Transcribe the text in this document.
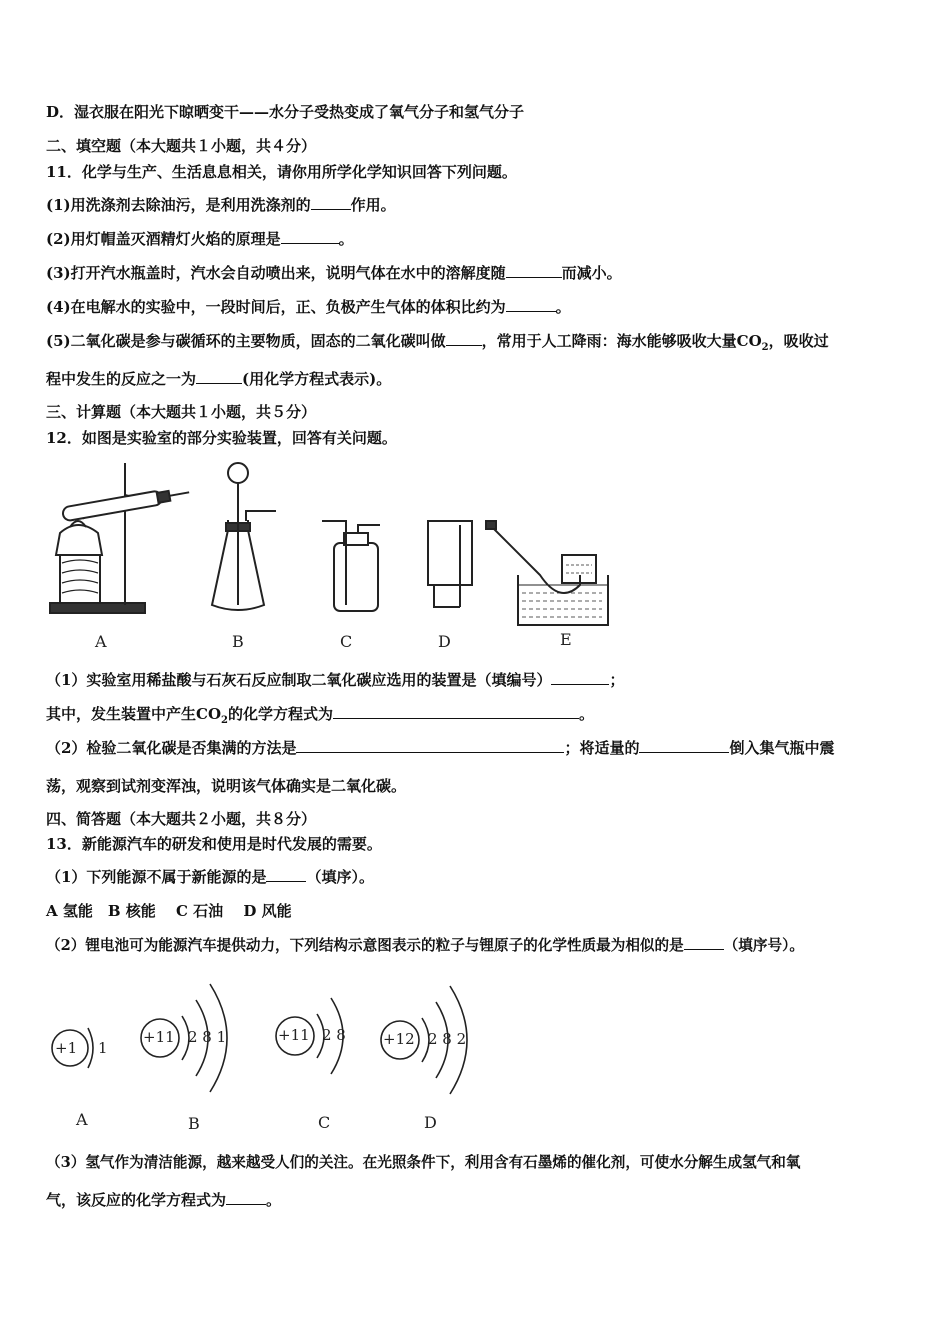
D．湿衣服在阳光下晾晒变干——水分子受热变成了氧气分子和氢气分子
二、填空题（本大题共１小题，共４分）
11．化学与生产、生活息息相关，请你用所学化学知识回答下列问题。
(1)用洗涤剂去除油污，是利用洗涤剂的	作用。
(2)用灯帽盖灭酒精灯火焰的原理是	。
(3)打开汽水瓶盖时，汽水会自动喷出来，说明气体在水中的溶解度随	而减小。
(4)在电解水的实验中，一段时间后，正、负极产生气体的体积比约为	。
(5)二氧化碳是参与碳循环的主要物质，固态的二氧化碳叫做 ，常用于人工降雨：海水能够吸收大量$CO_2$，吸收过
程中发生的反应之一为	(用化学方程式表示)。
三、计算题（本大题共１小题，共５分）
12．如图是实验室的部分实验装置，回答有关问题。
A	B	C	D	E
（1）实验室用稀盐酸与石灰石反应制取二氧化碳应选用的装置是（填编号）	；
其中，发生装置中产生$CO_2$的化学方程式为	。
（2）检验二氧化碳是否集满的方法是	；将适量的	倒入集气瓶中震
荡，观察到试剂变浑浊，说明该气体确实是二氧化碳。
四、简答题（本大题共２小题，共８分）
13．新能源汽车的研发和使用是时代发展的需要。
（1）下列能源不属于新能源的是	（填序）。
A 氢能　B 核能　 C 石油　 D 风能
（2）锂电池可为能源汽车提供动力，下列结构示意图表示的粒子与锂原子的化学性质最为相似的是	（填序号）。
+1 1
+11 2 8 1	+11 2 8 +12 2 8 2
A	B	C	D
（3）氢气作为清洁能源，越来越受人们的关注。在光照条件下，利用含有石墨烯的催化剂，可使水分解生成氢气和氧
气，该反应的化学方程式为	。
